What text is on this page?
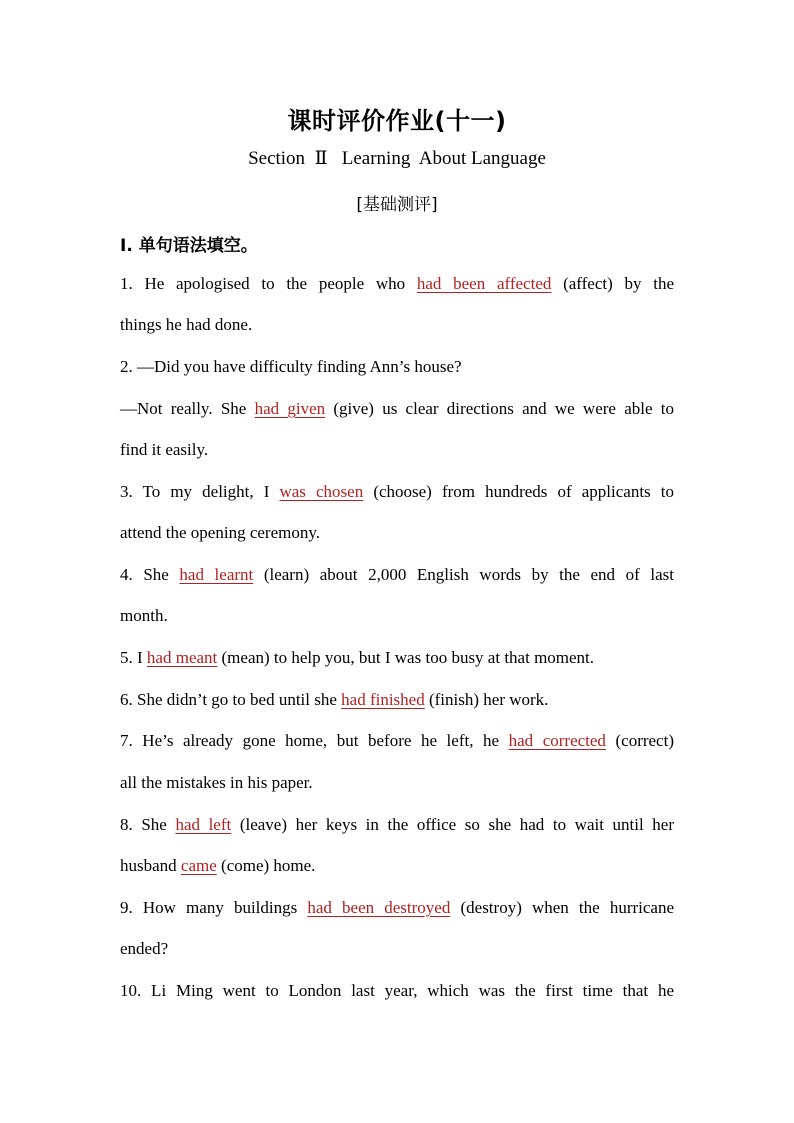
课时评价作业(十一)
Section Ⅱ Learning  About Language
[基础测评]
Ⅰ. 单句语法填空。
1. He apologised to the people who had been affected (affect) by the
things he had done.
2. —Did you have difficulty finding Ann’s house?
—Not really. She had given (give) us clear directions and we were able to
find it easily.
3. To my delight, I was chosen (choose) from hundreds of applicants to
attend the opening ceremony.
4. She had learnt (learn) about 2,000 English words by the end of last
month.
5. I had meant (mean) to help you, but I was too busy at that moment.
6. She didn’t go to bed until she had finished (finish) her work.
7. He’s already gone home, but before he left, he had corrected (correct)
all the mistakes in his paper.
8. She had left (leave) her keys in the office so she had to wait until her
husband came (come) home.
9. How many buildings had been destroyed (destroy) when the hurricane
ended?
10. Li Ming went to London last year, which was the first time that he
